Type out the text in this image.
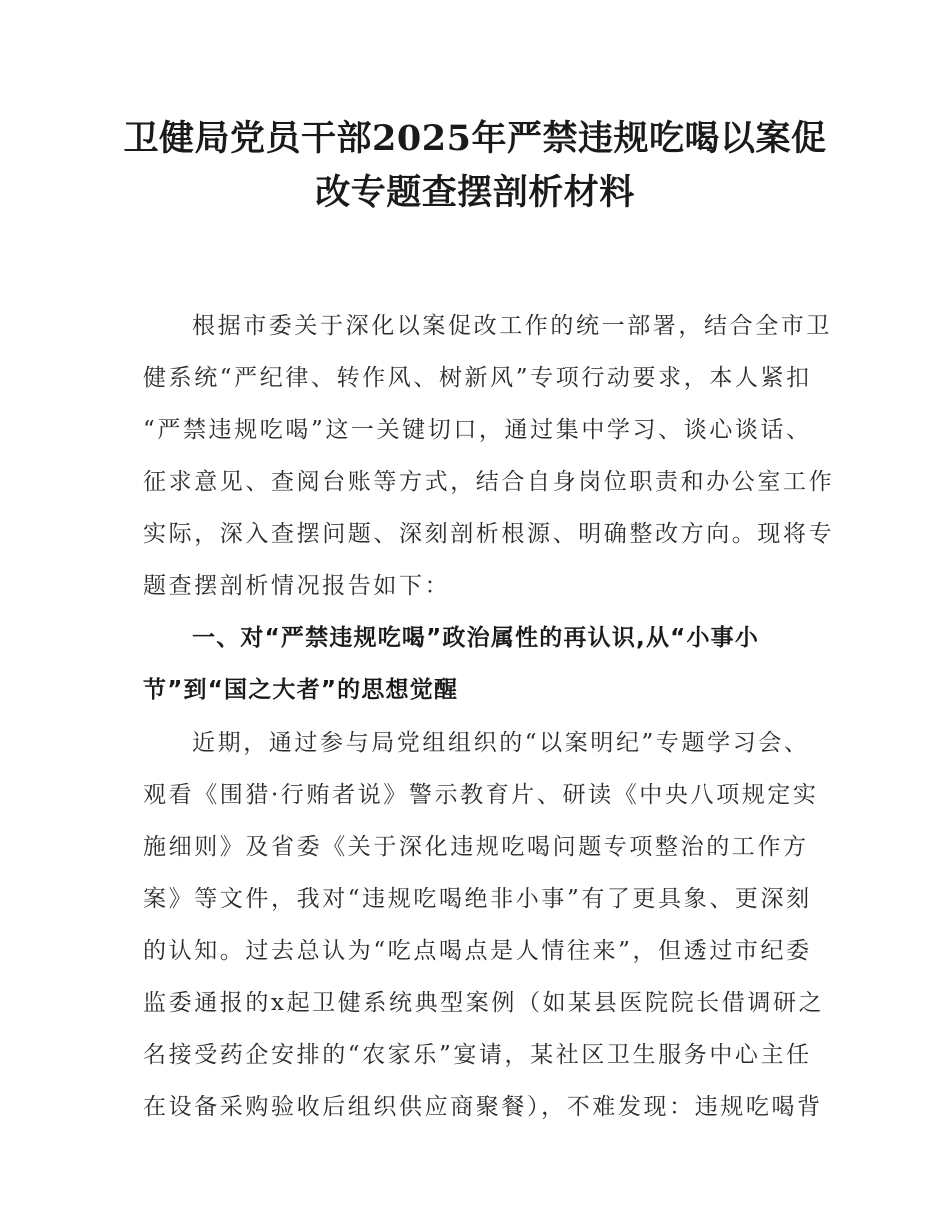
卫健局党员干部2025年严禁违规吃喝以案促
改专题查摆剖析材料
根据市委关于深化以案促改工作的统一部署，结合全市卫
健系统“严纪律、转作风、树新风”专项行动要求，本人紧扣
“严禁违规吃喝”这一关键切口，通过集中学习、谈心谈话、
征求意见、查阅台账等方式，结合自身岗位职责和办公室工作
实际，深入查摆问题、深刻剖析根源、明确整改方向。现将专
题查摆剖析情况报告如下：
一、对“严禁违规吃喝”政治属性的再认识,从“小事小
节”到“国之大者”的思想觉醒
近期，通过参与局党组组织的“以案明纪”专题学习会、
观看《围猎·行贿者说》警示教育片、研读《中央八项规定实
施细则》及省委《关于深化违规吃喝问题专项整治的工作方
案》等文件，我对“违规吃喝绝非小事”有了更具象、更深刻
的认知。过去总认为“吃点喝点是人情往来”，但透过市纪委
监委通报的x起卫健系统典型案例（如某县医院院长借调研之
名接受药企安排的“农家乐”宴请，某社区卫生服务中心主任
在设备采购验收后组织供应商聚餐），不难发现：违规吃喝背
